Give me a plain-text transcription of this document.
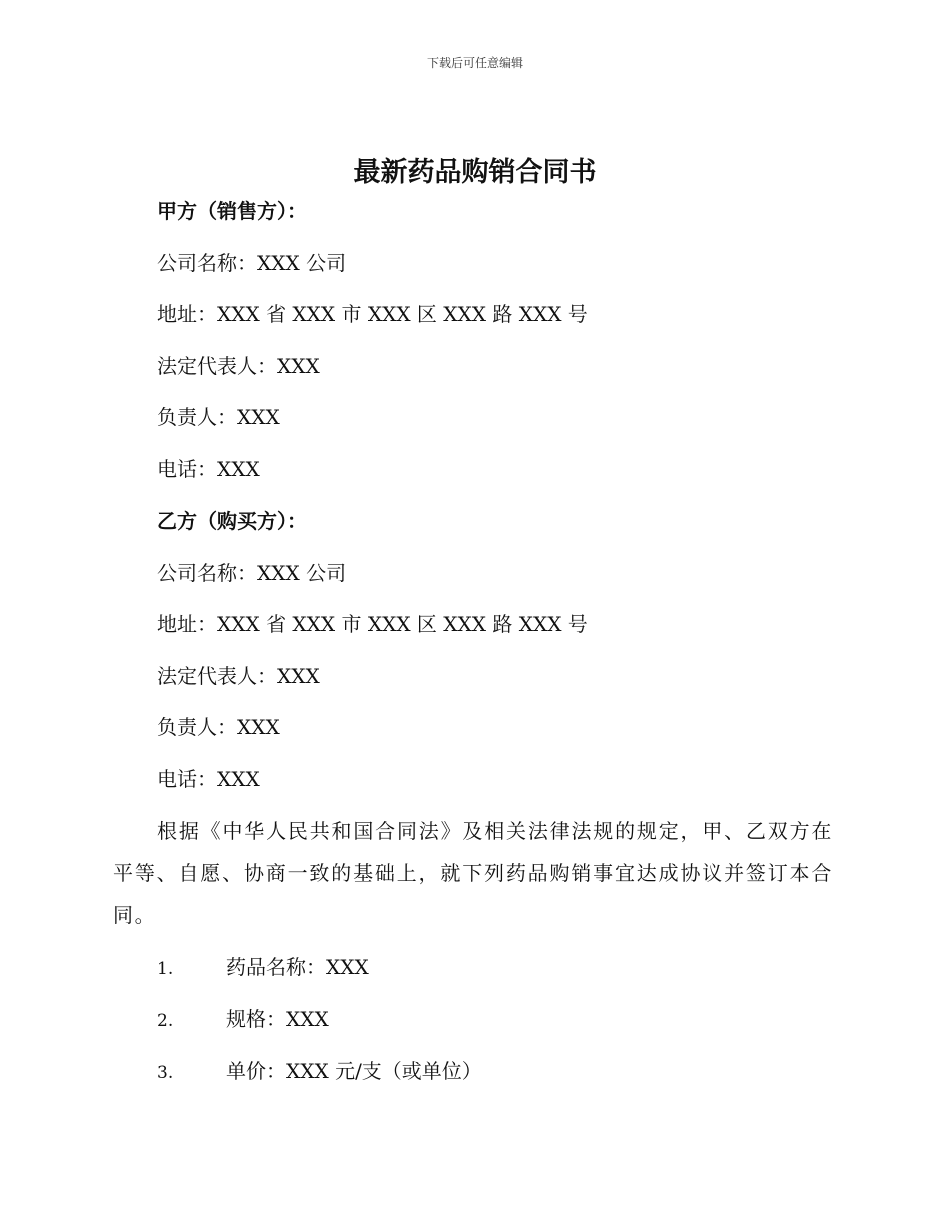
下载后可任意编辑
最新药品购销合同书
甲方（销售方）：
公司名称：XXX 公司
地址：XXX 省 XXX 市 XXX 区 XXX 路 XXX 号
法定代表人：XXX
负责人：XXX
电话：XXX
乙方（购买方）：
公司名称：XXX 公司
地址：XXX 省 XXX 市 XXX 区 XXX 路 XXX 号
法定代表人：XXX
负责人：XXX
电话：XXX
根据《中华人民共和国合同法》及相关法律法规的规定，甲、乙双方在平等、自愿、协商一致的基础上，就下列药品购销事宜达成协议并签订本合同。
1.	药品名称：XXX
2.	规格：XXX
3.	单价：XXX 元/支（或单位）
